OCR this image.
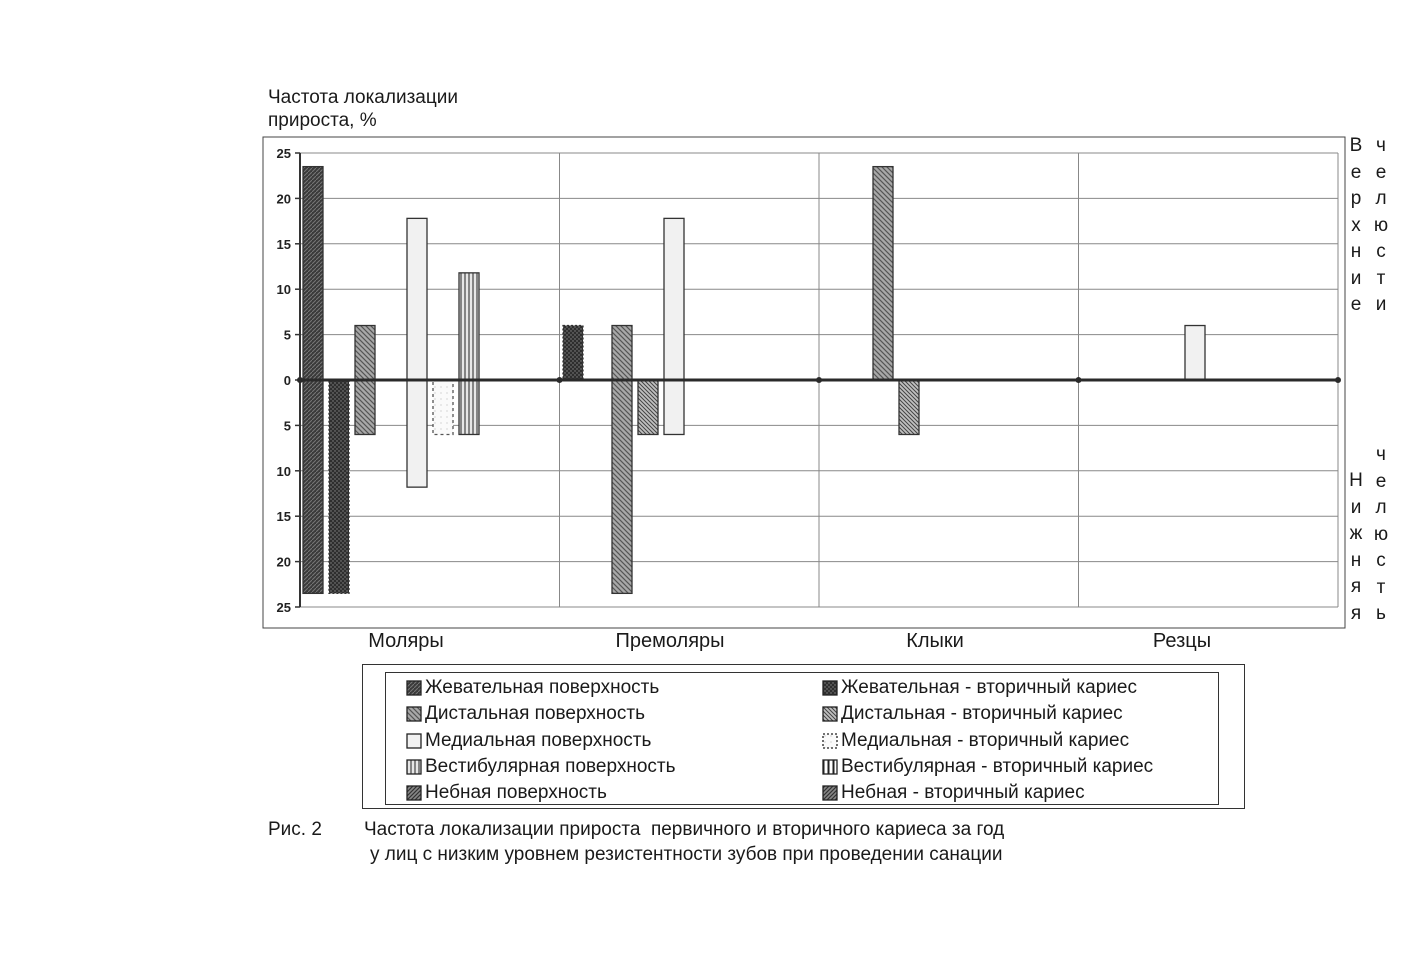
Частота локализации
прироста, %
25
20
15
10
5
0
5
10
15
20
25
В
е
р
х
н
и
е
ч
е
л
ю
с
т
и
Н
и
ж
н
я
я
ч
е
л
ю
с
т
ь
Моляры	Премоляры	Клыки	Резцы
Жевательная поверхность	Жевательная - вторичный кариес
Дистальная поверхность	Дистальная - вторичный кариес
Медиальная поверхность	Медиальная - вторичный кариес
Вестибулярная поверхность	Вестибулярная - вторичный кариес
Небная поверхность	Небная - вторичный кариес
Рис. 2 Частота локализации прироста  первичного и вторичного кариеса за год
у лиц с низким уровнем резистентности зубов при проведении санации
